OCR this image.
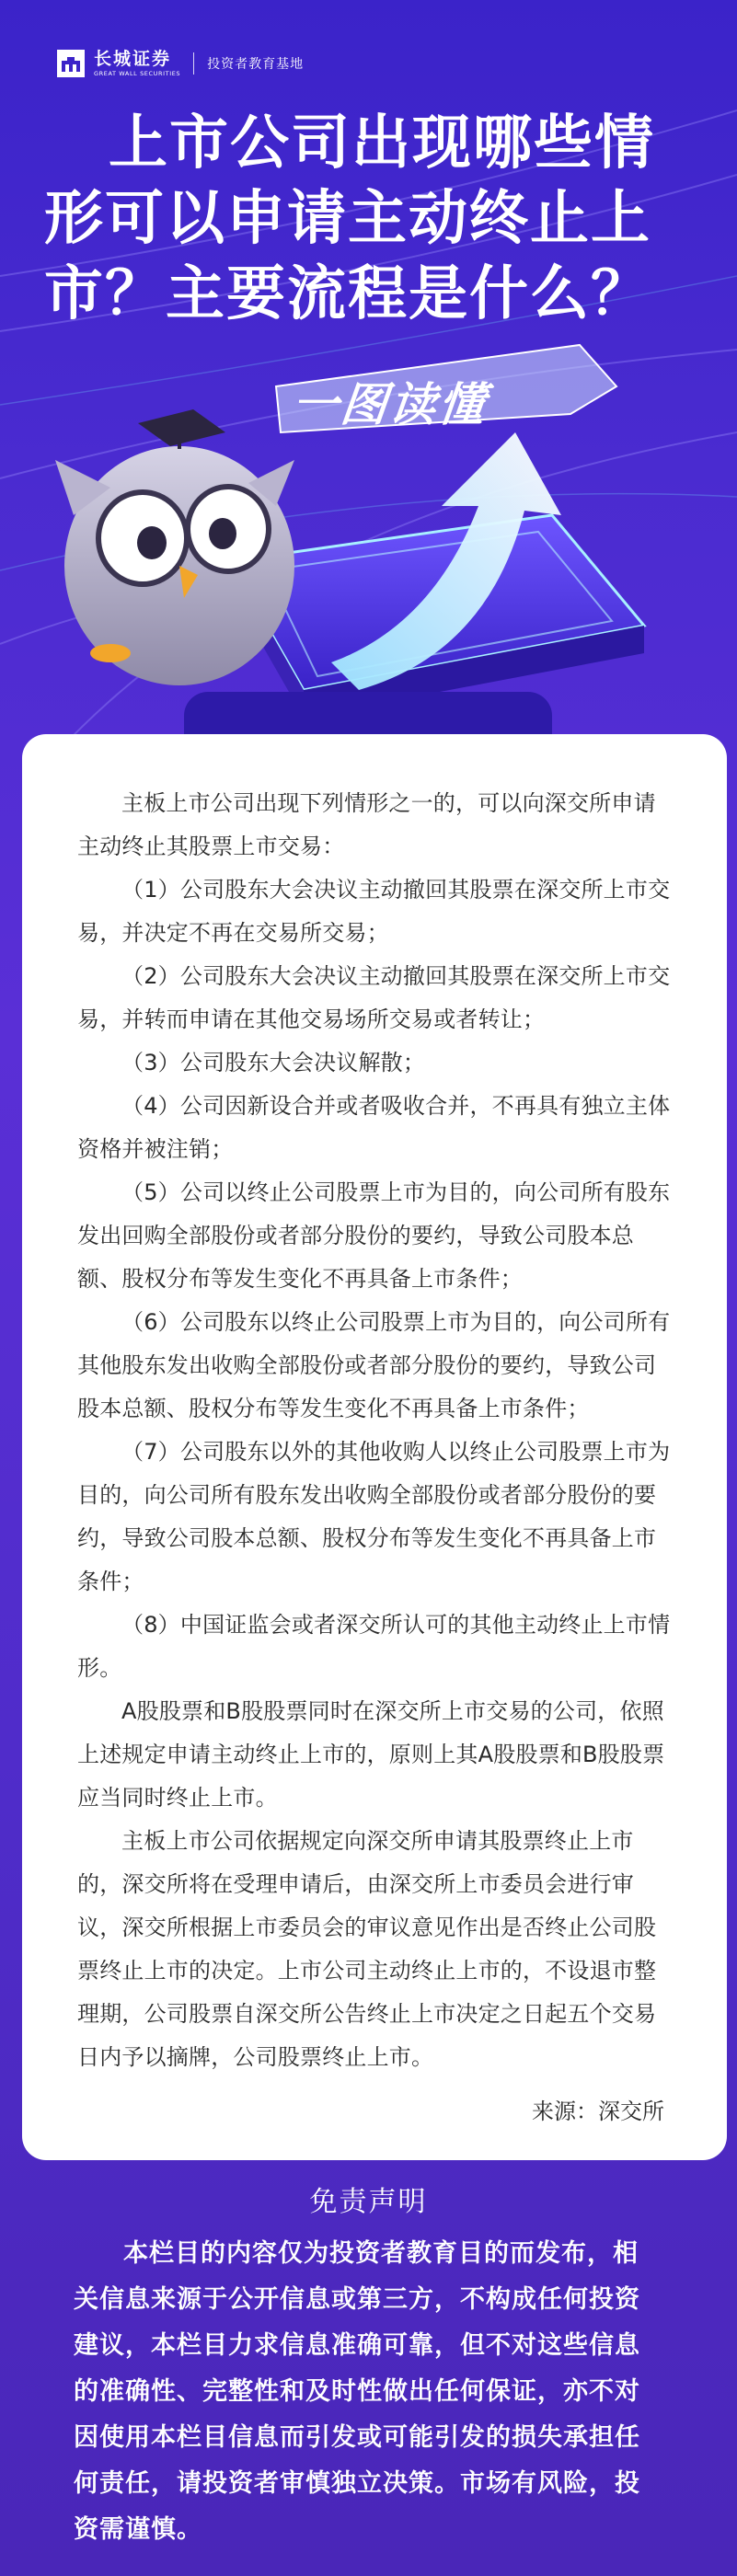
长城证券
GREAT WALL SECURITIES
投资者教育基地
上市公司出现哪些情形可以申请主动终止上市？主要流程是什么？
一图读懂

主板上市公司出现下列情形之一的，可以向深交所申请主动终止其股票上市交易：

（1）公司股东大会决议主动撤回其股票在深交所上市交易，并决定不再在交易所交易；

（2）公司股东大会决议主动撤回其股票在深交所上市交易，并转而申请在其他交易场所交易或者转让；

（3）公司股东大会决议解散；

（4）公司因新设合并或者吸收合并，不再具有独立主体资格并被注销；

（5）公司以终止公司股票上市为目的，向公司所有股东发出回购全部股份或者部分股份的要约，导致公司股本总额、股权分布等发生变化不再具备上市条件；

（6）公司股东以终止公司股票上市为目的，向公司所有其他股东发出收购全部股份或者部分股份的要约，导致公司股本总额、股权分布等发生变化不再具备上市条件；

（7）公司股东以外的其他收购人以终止公司股票上市为目的，向公司所有股东发出收购全部股份或者部分股份的要约，导致公司股本总额、股权分布等发生变化不再具备上市条件；

（8）中国证监会或者深交所认可的其他主动终止上市情形。

A股股票和B股股票同时在深交所上市交易的公司，依照上述规定申请主动终止上市的，原则上其A股股票和B股股票应当同时终止上市。

主板上市公司依据规定向深交所申请其股票终止上市的，深交所将在受理申请后，由深交所上市委员会进行审议，深交所根据上市委员会的审议意见作出是否终止公司股票终止上市的决定。上市公司主动终止上市的，不设退市整理期，公司股票自深交所公告终止上市决定之日起五个交易日内予以摘牌，公司股票终止上市。

来源：深交所
免责声明

本栏目的内容仅为投资者教育目的而发布，相关信息来源于公开信息或第三方，不构成任何投资建议，本栏目力求信息准确可靠，但不对这些信息的准确性、完整性和及时性做出任何保证，亦不对因使用本栏目信息而引发或可能引发的损失承担任何责任，请投资者审慎独立决策。市场有风险，投资需谨慎。
